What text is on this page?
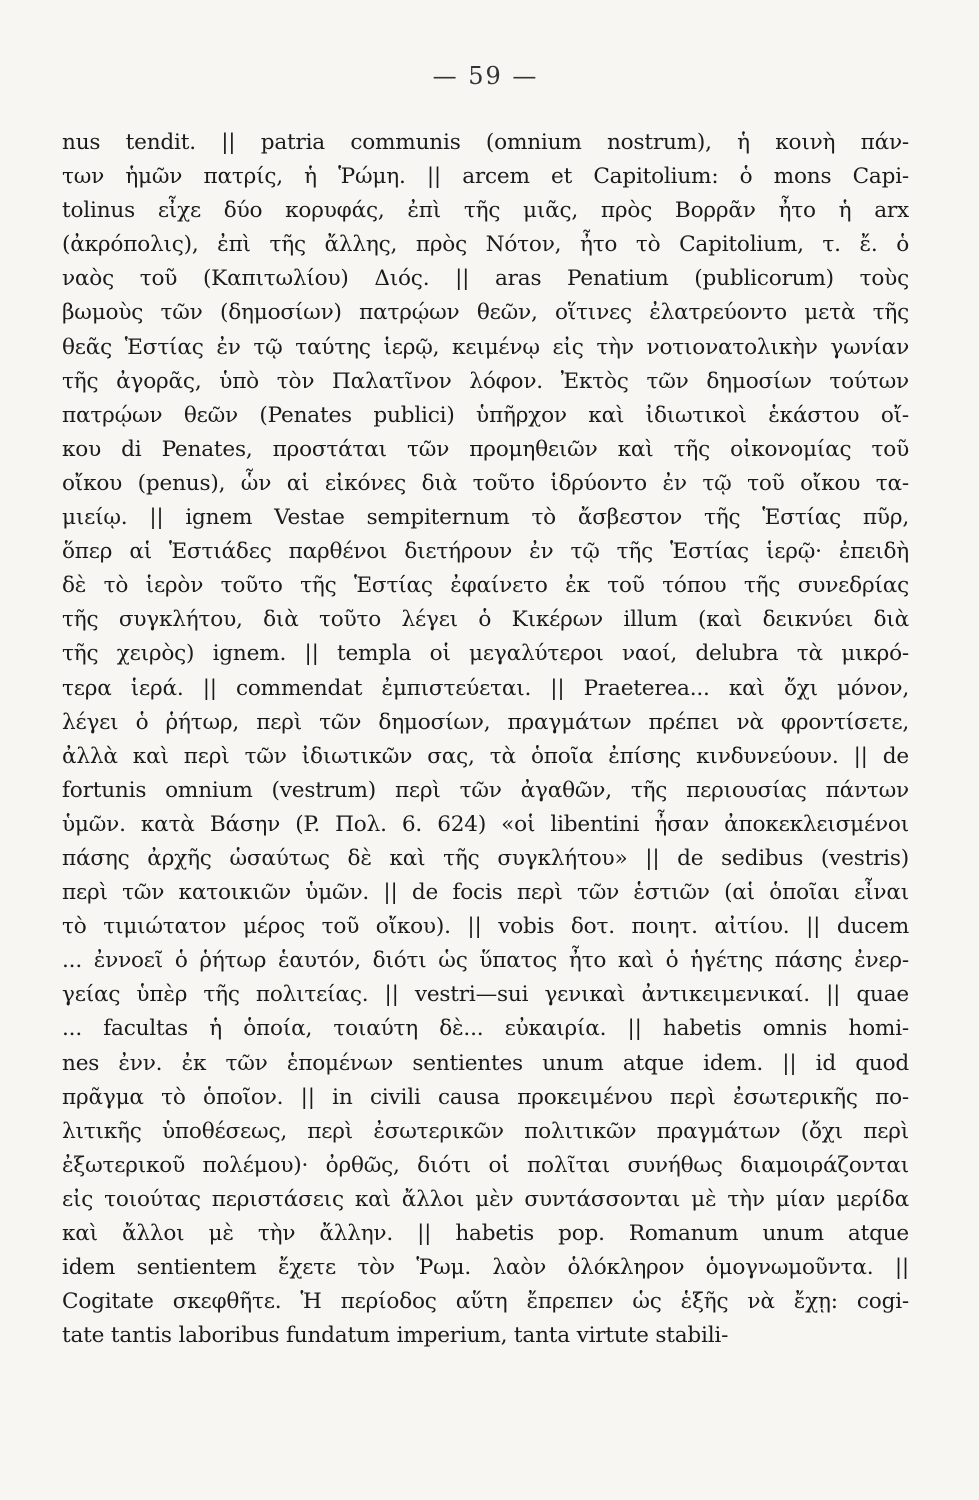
— 59 —
nus tendit. || patria communis (omnium nostrum), ἡ κοινὴ πάν-
των ἡμῶν πατρίς, ἡ Ῥώμη. || arcem et Capitolium: ὁ mons Capi-
tolinus εἶχε δύο κορυφάς, ἐπὶ τῆς μιᾶς, πρὸς Βορρᾶν ἦτο ἡ arx
(ἀκρόπολις), ἐπὶ τῆς ἄλλης, πρὸς Νότον, ἦτο τὸ Capitolium, τ. ἔ. ὁ
ναὸς τοῦ (Καπιτωλίου) Διός. || aras Penatium (publicorum) τοὺς
βωμοὺς τῶν (δημοσίων) πατρῴων θεῶν, οἵτινες ἐλατρεύοντο μετὰ τῆς
θεᾶς Ἑστίας ἐν τῷ ταύτης ἱερῷ, κειμένῳ εἰς τὴν νοτιονατολικὴν γωνίαν
τῆς ἀγορᾶς, ὑπὸ τὸν Παλατῖνον λόφον. Ἐκτὸς τῶν δημοσίων τούτων
πατρῴων θεῶν (Penates publici) ὑπῆρχον καὶ ἰδιωτικοὶ ἑκάστου οἴ-
κου di Penates, προστάται τῶν προμηθειῶν καὶ τῆς οἰκονομίας τοῦ
οἴκου (penus), ὧν αἱ εἰκόνες διὰ τοῦτο ἱδρύοντο ἐν τῷ τοῦ οἴκου τα-
μιείῳ. || ignem Vestae sempiternum τὸ ἄσβεστον τῆς Ἑστίας πῦρ,
ὅπερ αἱ Ἑστιάδες παρθένοι διετήρουν ἐν τῷ τῆς Ἑστίας ἱερῷ· ἐπειδὴ
δὲ τὸ ἱερὸν τοῦτο τῆς Ἑστίας ἐφαίνετο ἐκ τοῦ τόπου τῆς συνεδρίας
τῆς συγκλήτου, διὰ τοῦτο λέγει ὁ Κικέρων illum (καὶ δεικνύει διὰ
τῆς χειρὸς) ignem. || templa οἱ μεγαλύτεροι ναοί, delubra τὰ μικρό-
τερα ἱερά. || commendat ἐμπιστεύεται. || Praeterea... καὶ ὄχι μόνον,
λέγει ὁ ῥήτωρ, περὶ τῶν δημοσίων, πραγμάτων πρέπει νὰ φροντίσετε,
ἀλλὰ καὶ περὶ τῶν ἰδιωτικῶν σας, τὰ ὁποῖα ἐπίσης κινδυνεύουν. || de
fortunis omnium (vestrum) περὶ τῶν ἀγαθῶν, τῆς περιουσίας πάντων
ὑμῶν. κατὰ Βάσην (P. Πολ. 6. 624) «οἱ libentini ἦσαν ἀποκεκλεισμένοι
πάσης ἀρχῆς ὡσαύτως δὲ καὶ τῆς συγκλήτου» || de sedibus (vestris)
περὶ τῶν κατοικιῶν ὑμῶν. || de focis περὶ τῶν ἑστιῶν (αἱ ὁποῖαι εἶναι
τὸ τιμιώτατον μέρος τοῦ οἴκου). || vobis δοτ. ποιητ. αἰτίου. || ducem
... ἐννοεῖ ὁ ῥήτωρ ἑαυτόν, διότι ὡς ὕπατος ἦτο καὶ ὁ ἡγέτης πάσης ἐνερ-
γείας ὑπὲρ τῆς πολιτείας. || vestri—sui γενικαὶ ἀντικειμενικαί. || quae
... facultas ἡ ὁποία, τοιαύτη δὲ... εὐκαιρία. || habetis omnis homi-
nes ἐνν. ἐκ τῶν ἑπομένων sentientes unum atque idem. || id quod
πρᾶγμα τὸ ὁποῖον. || in civili causa προκειμένου περὶ ἐσωτερικῆς πο-
λιτικῆς ὑποθέσεως, περὶ ἐσωτερικῶν πολιτικῶν πραγμάτων (ὄχι περὶ
ἐξωτερικοῦ πολέμου)· ὀρθῶς, διότι οἱ πολῖται συνήθως διαμοιράζονται
εἰς τοιούτας περιστάσεις καὶ ἄλλοι μὲν συντάσσονται μὲ τὴν μίαν μερίδα
καὶ ἄλλοι μὲ τὴν ἄλλην. || habetis pop. Romanum unum atque
idem sentientem ἔχετε τὸν Ῥωμ. λαὸν ὁλόκληρον ὁμογνωμοῦντα. ||
Cogitate σκεφθῆτε. Ἡ περίοδος αὕτη ἔπρεπεν ὡς ἑξῆς νὰ ἔχῃ: cogi-
tate tantis laboribus fundatum imperium, tanta virtute stabili-
